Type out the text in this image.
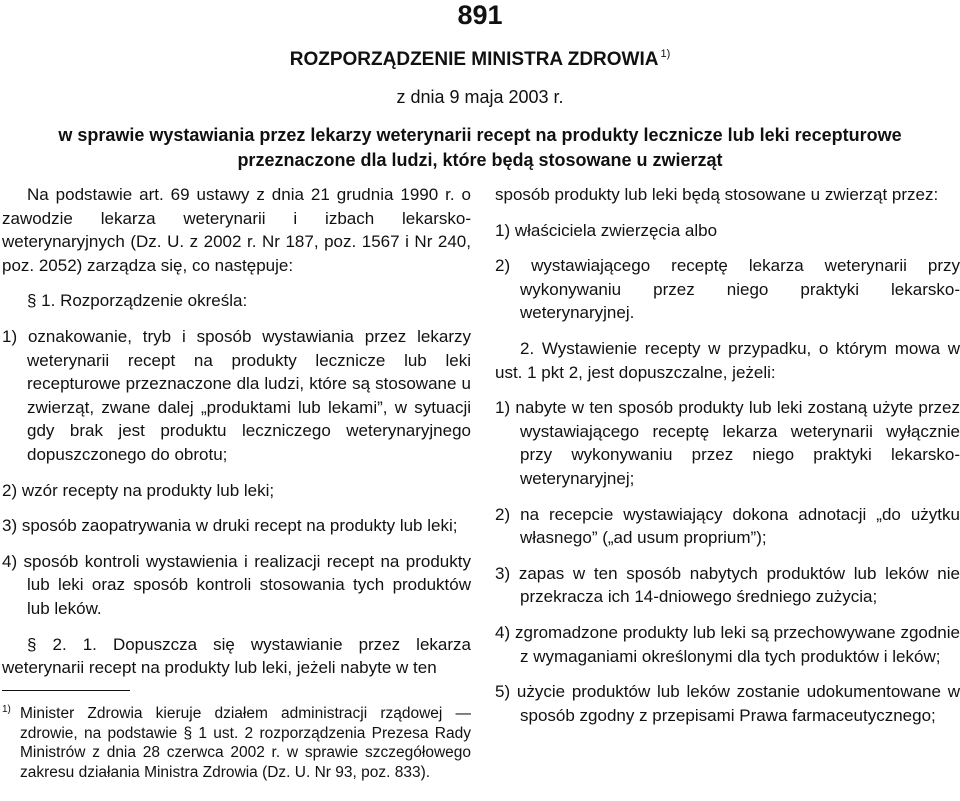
891
ROZPORZĄDZENIE MINISTRA ZDROWIA $^{1)}$
z dnia 9 maja 2003 r.
w sprawie wystawiania przez lekarzy weterynarii recept na produkty lecznicze lub leki recepturowe
przeznaczone dla ludzi, które będą stosowane u zwierząt

Na podstawie art. 69 ustawy z dnia 21 grudnia 1990 r. o zawodzie lekarza weterynarii i izbach lekarsko-weterynaryjnych (Dz. U. z 2002 r. Nr 187, poz. 1567 i Nr 240, poz. 2052) zarządza się, co następuje:

§ 1. Rozporządzenie określa:

1) oznakowanie, tryb i sposób wystawiania przez lekarzy weterynarii recept na produkty lecznicze lub leki recepturowe przeznaczone dla ludzi, które są stosowane u zwierząt, zwane dalej „produktami lub lekami”, w sytuacji gdy brak jest produktu leczniczego weterynaryjnego dopuszczonego do obrotu;

2) wzór recepty na produkty lub leki;

3) sposób zaopatrywania w druki recept na produkty lub leki;

4) sposób kontroli wystawienia i realizacji recept na produkty lub leki oraz sposób kontroli stosowania tych produktów lub leków.

§ 2. 1. Dopuszcza się wystawianie przez lekarza weterynarii recept na produkty lub leki, jeżeli nabyte w ten

1) Minister Zdrowia kieruje działem administracji rządowej — zdrowie, na podstawie § 1 ust. 2 rozporządzenia Prezesa Rady Ministrów z dnia 28 czerwca 2002 r. w sprawie szczegółowego zakresu działania Ministra Zdrowia (Dz. U. Nr 93, poz. 833).

sposób produkty lub leki będą stosowane u zwierząt przez:

1) właściciela zwierzęcia albo

2) wystawiającego receptę lekarza weterynarii przy wykonywaniu przez niego praktyki lekarsko-weterynaryjnej.

2. Wystawienie recepty w przypadku, o którym mowa w ust. 1 pkt 2, jest dopuszczalne, jeżeli:

1) nabyte w ten sposób produkty lub leki zostaną użyte przez wystawiającego receptę lekarza weterynarii wyłącznie przy wykonywaniu przez niego praktyki lekarsko-weterynaryjnej;

2) na recepcie wystawiający dokona adnotacji „do użytku własnego” („ad usum proprium”);

3) zapas w ten sposób nabytych produktów lub leków nie przekracza ich 14-dniowego średniego zużycia;

4) zgromadzone produkty lub leki są przechowywane zgodnie z wymaganiami określonymi dla tych produktów i leków;

5) użycie produktów lub leków zostanie udokumentowane w sposób zgodny z przepisami Prawa farmaceutycznego;
